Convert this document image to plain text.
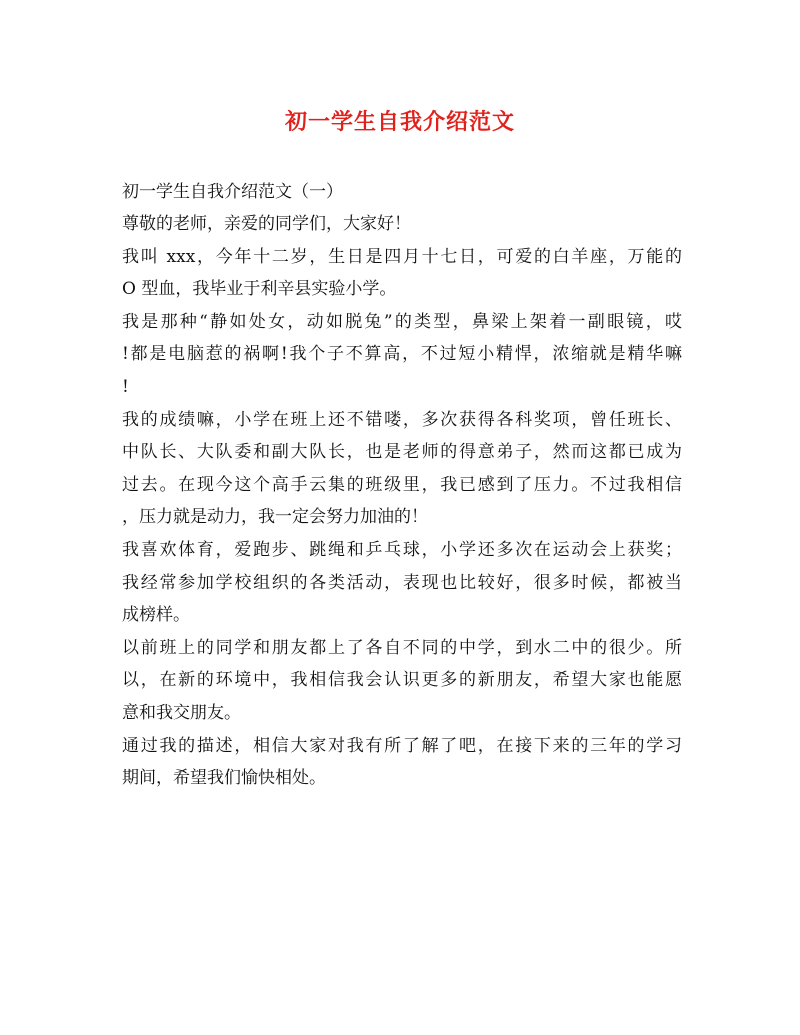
初一学生自我介绍范文
初一学生自我介绍范文（一）
尊敬的老师，亲爱的同学们，大家好！
我叫 xxx，今年十二岁，生日是四月十七日，可爱的白羊座，万能的
O 型血，我毕业于利辛县实验小学。
我是那种“静如处女，动如脱兔”的类型，鼻梁上架着一副眼镜，哎
!都是电脑惹的祸啊!我个子不算高，不过短小精悍，浓缩就是精华嘛
!
我的成绩嘛，小学在班上还不错喽，多次获得各科奖项，曾任班长、
中队长、大队委和副大队长，也是老师的得意弟子，然而这都已成为
过去。在现今这个高手云集的班级里，我已感到了压力。不过我相信
，压力就是动力，我一定会努力加油的！
我喜欢体育，爱跑步、跳绳和乒乓球，小学还多次在运动会上获奖；
我经常参加学校组织的各类活动，表现也比较好，很多时候，都被当
成榜样。
以前班上的同学和朋友都上了各自不同的中学，到水二中的很少。所
以，在新的环境中，我相信我会认识更多的新朋友，希望大家也能愿
意和我交朋友。
通过我的描述，相信大家对我有所了解了吧，在接下来的三年的学习
期间，希望我们愉快相处。
